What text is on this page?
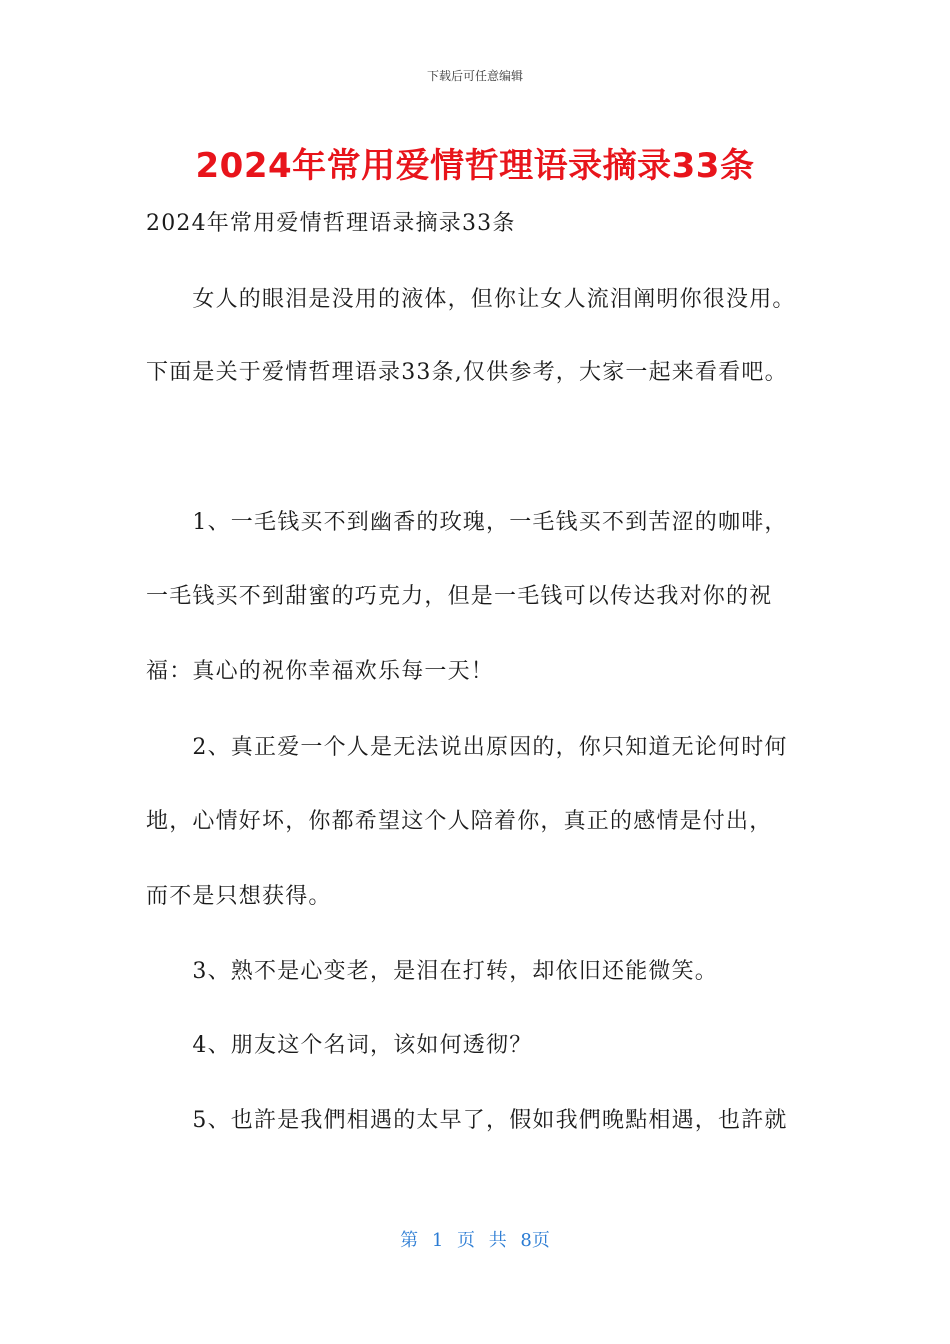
下载后可任意编辑
2024年常用爱情哲理语录摘录33条
2024年常用爱情哲理语录摘录33条
　　女人的眼泪是没用的液体，但你让女人流泪阐明你很没用。
下面是关于爱情哲理语录33条,仅供参考，大家一起来看看吧。
　　1、一毛钱买不到幽香的玫瑰，一毛钱买不到苦涩的咖啡，
一毛钱买不到甜蜜的巧克力，但是一毛钱可以传达我对你的祝
福：真心的祝你幸福欢乐每一天！
　　2、真正爱一个人是无法说出原因的，你只知道无论何时何
地，心情好坏，你都希望这个人陪着你，真正的感情是付出，
而不是只想获得。
　　3、熟不是心变老，是泪在打转，却依旧还能微笑。
　　4、朋友这个名词，该如何透彻？
　　5、也許是我們相遇的太早了，假如我們晚點相遇，也許就
第 1 页 共 8页
